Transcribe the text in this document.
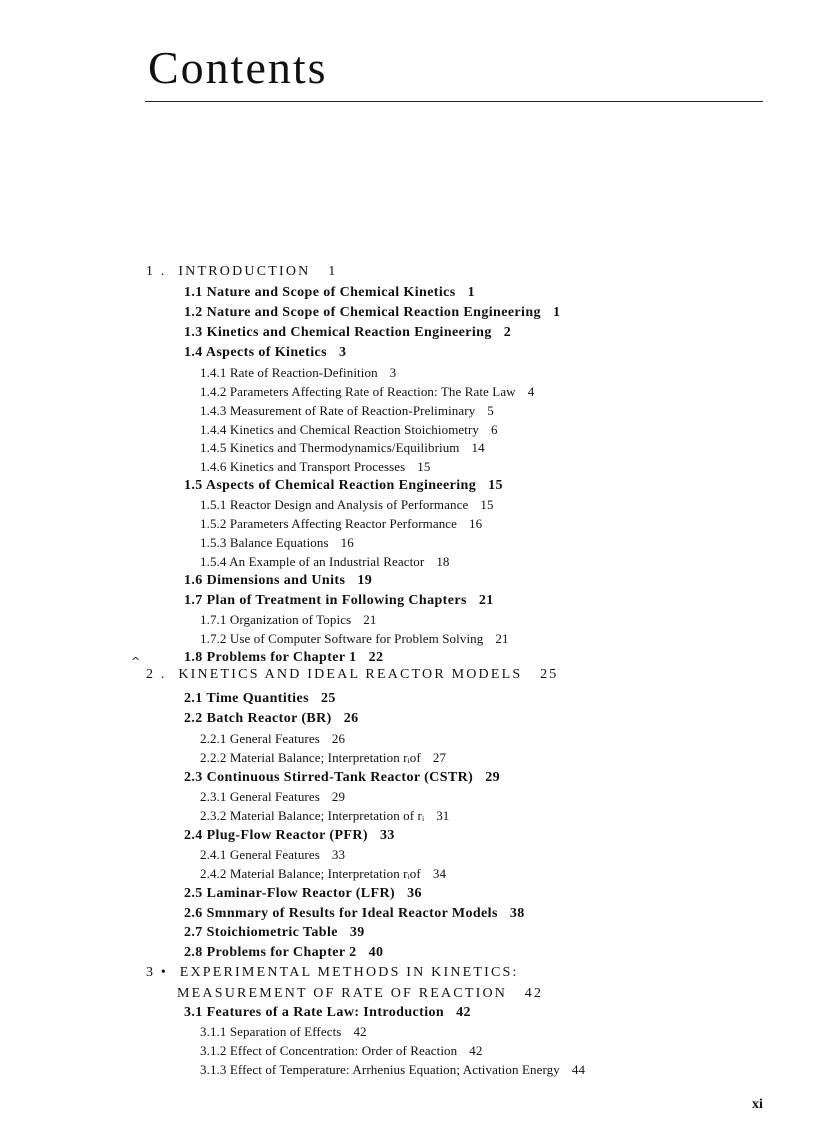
Contents
1 . INTRODUCTION 1
2 . KINETICS AND IDEAL REACTOR MODELS 25
3 • EXPERIMENTAL METHODS IN KINETICS:
MEASUREMENT OF RATE OF REACTION 42
1.1 Nature and Scope of Chemical Kinetics 1
1.2 Nature and Scope of Chemical Reaction Engineering 1
1.3 Kinetics and Chemical Reaction Engineering 2
1.4 Aspects of Kinetics 3
1.4.1 Rate of Reaction-Definition 3
1.4.2 Parameters Affecting Rate of Reaction: The Rate Law 4
1.4.3 Measurement of Rate of Reaction-Preliminary 5
1.4.4 Kinetics and Chemical Reaction Stoichiometry 6
1.4.5 Kinetics and Thermodynamics/Equilibrium 14
1.4.6 Kinetics and Transport Processes 15
1.5 Aspects of Chemical Reaction Engineering 15
1.5.1 Reactor Design and Analysis of Performance 15
1.5.2 Parameters Affecting Reactor Performance 16
1.5.3 Balance Equations 16
1.5.4 An Example of an Industrial Reactor 18
1.6 Dimensions and Units 19
1.7 Plan of Treatment in Following Chapters 21
1.7.1 Organization of Topics 21
1.7.2 Use of Computer Software for Problem Solving 21
1.8 Problems for Chapter 1 22
2.1 Time Quantities 25
2.2 Batch Reactor (BR) 26
2.2.1 General Features 26
2.2.2 Material Balance; Interpretation rᵢof 27
2.3 Continuous Stirred-Tank Reactor (CSTR) 29
2.3.1 General Features 29
2.3.2 Material Balance; Interpretation of rᵢ 31
2.4 Plug-Flow Reactor (PFR) 33
2.4.1 General Features 33
2.4.2 Material Balance; Interpretation rᵢof 34
2.5 Laminar-Flow Reactor (LFR) 36
2.6 Smnmary of Results for Ideal Reactor Models 38
2.7 Stoichiometric Table 39
2.8 Problems for Chapter 2 40
3.1 Features of a Rate Law: Introduction 42
3.1.1 Separation of Effects 42
3.1.2 Effect of Concentration: Order of Reaction 42
3.1.3 Effect of Temperature: Arrhenius Equation; Activation Energy 44
^
xi
